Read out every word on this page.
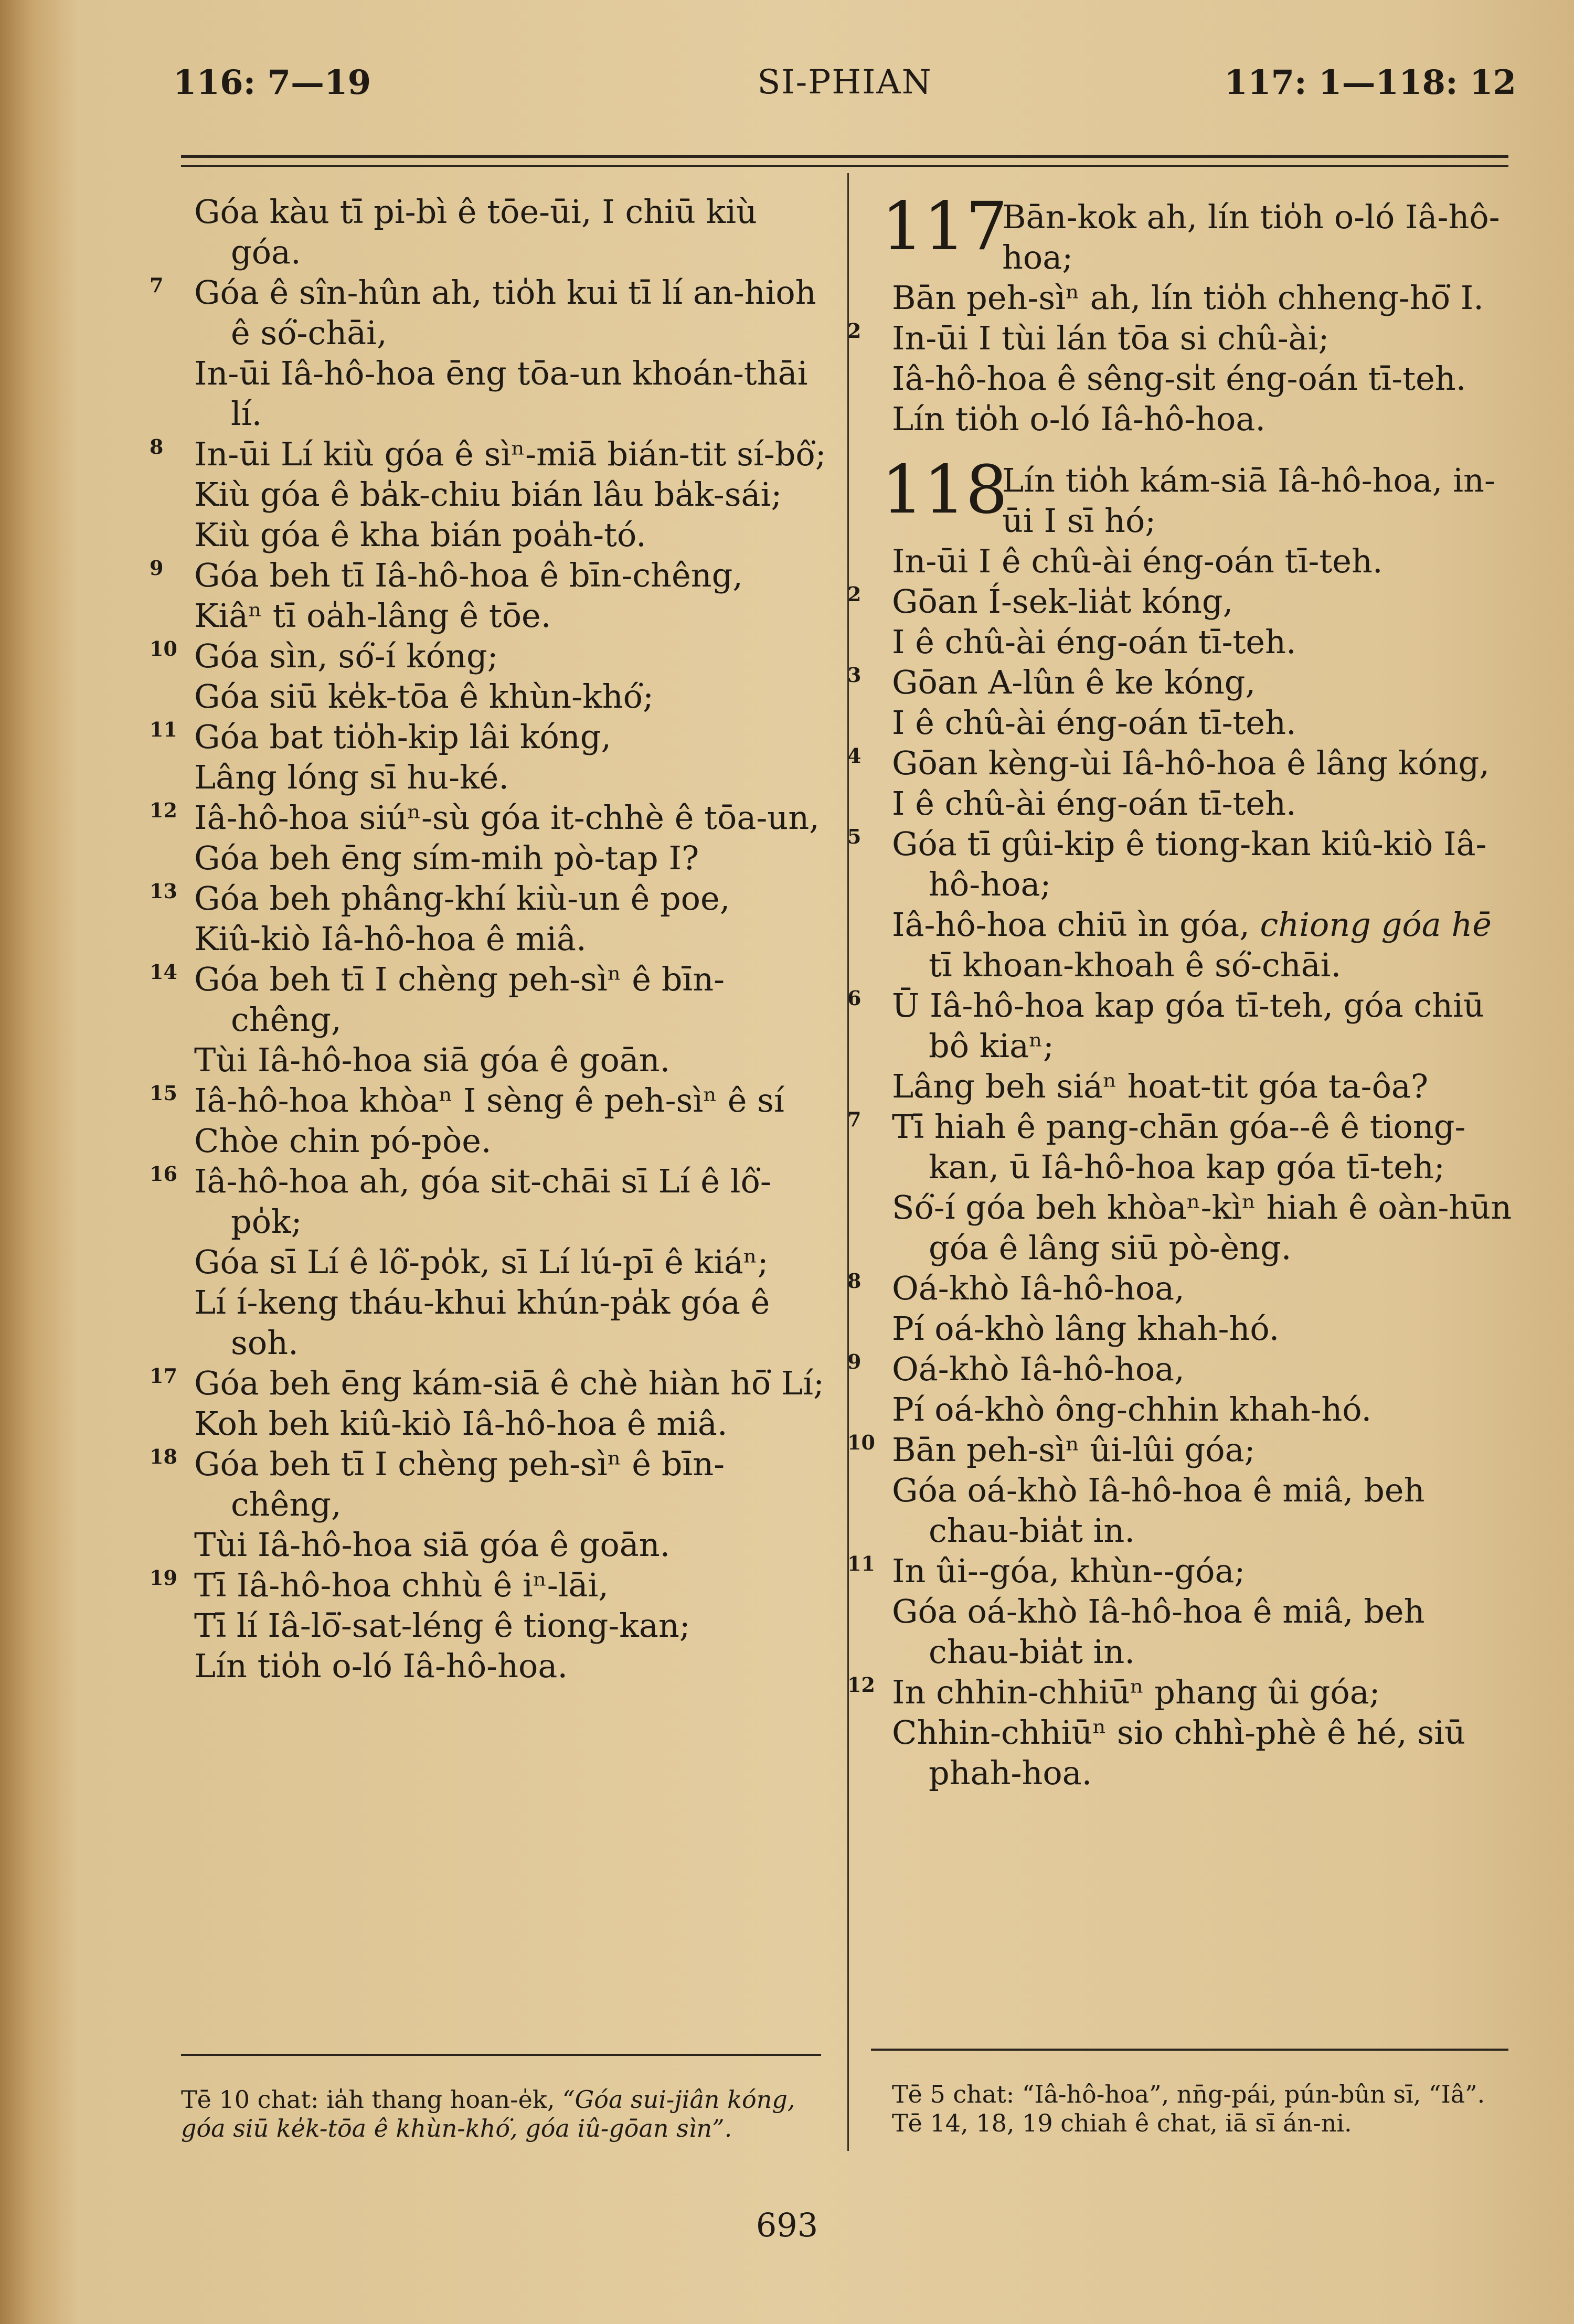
116: 7—19	SI-PHIAN	117: 1—118: 12
Góa kàu tī pi-bì ê tōe-ūi, I chiū kiù góa.
7 Góa ê sîn-hûn ah, tio̍h kui tī lí an-hioh ê só͘-chāi,
In-ūi Iâ-hô-hoa ēng tōa-un khoán-thāi lí.
8 In-ūi Lí kiù góa ê sìⁿ-miā bián-tit sí-bô͘;
Kiù góa ê ba̍k-chiu bián lâu ba̍k-sái;
Kiù góa ê kha bián poa̍h-tó.
9 Góa beh tī Iâ-hô-hoa ê bīn-chêng,
Kiâⁿ tī oa̍h-lâng ê tōe.
10 Góa sìn, só͘-í kóng;
Góa siū ke̍k-tōa ê khùn-khó͘;
11 Góa bat tio̍h-kip lâi kóng,
Lâng lóng sī hu-ké.
12 Iâ-hô-hoa siúⁿ-sù góa it-chhè ê tōa-un,
Góa beh ēng sím-mih pò-tap I?
13 Góa beh phâng-khí kiù-un ê poe,
Kiû-kiò Iâ-hô-hoa ê miâ.
14 Góa beh tī I chèng peh-sìⁿ ê bīn-chêng,
Tùi Iâ-hô-hoa siā góa ê goān.
15 Iâ-hô-hoa khòaⁿ I sèng ê peh-sìⁿ ê sí
Chòe chin pó-pòe.
16 Iâ-hô-hoa ah, góa sit-chāi sī Lí ê lô͘-po̍k;
Góa sī Lí ê lô͘-po̍k, sī Lí lú-pī ê kiáⁿ;
Lí í-keng tháu-khui khún-pa̍k góa ê soh.
17 Góa beh ēng kám-siā ê chè hiàn hō͘ Lí;
Koh beh kiû-kiò Iâ-hô-hoa ê miâ.
18 Góa beh tī I chèng peh-sìⁿ ê bīn-chêng,
Tùi Iâ-hô-hoa siā góa ê goān.
19 Tī Iâ-hô-hoa chhù ê iⁿ-lāi,
Tī lí Iâ-lō͘-sat-léng ê tiong-kan;
Lín tio̍h o-ló Iâ-hô-hoa.
117
Bān-kok ah, lín tio̍h o-ló Iâ-hô-hoa;
Bān peh-sìⁿ ah, lín tio̍h chheng-hō͘ I.
2 In-ūi I tùi lán tōa si chû-ài;
Iâ-hô-hoa ê sêng-si̍t éng-oán tī-teh.
Lín tio̍h o-ló Iâ-hô-hoa.
118
Lín tio̍h kám-siā Iâ-hô-hoa, in-ūi I sī hó;
In-ūi I ê chû-ài éng-oán tī-teh.
2 Gōan Í-sek-lia̍t kóng,
I ê chû-ài éng-oán tī-teh.
3 Gōan A-lûn ê ke kóng,
I ê chû-ài éng-oán tī-teh.
4 Gōan kèng-ùi Iâ-hô-hoa ê lâng kóng,
I ê chû-ài éng-oán tī-teh.
5 Góa tī gûi-kip ê tiong-kan kiû-kiò Iâ-hô-hoa;
Iâ-hô-hoa chiū ìn góa, chiong góa hē tī khoan-khoah ê só͘-chāi.
6 Ū Iâ-hô-hoa kap góa tī-teh, góa chiū bô kiaⁿ;
Lâng beh siáⁿ hoat-tit góa ta-ôa?
7 Tī hiah ê pang-chān góa--ê ê tiong-kan, ū Iâ-hô-hoa kap góa tī-teh;
Só͘-í góa beh khòaⁿ-kìⁿ hiah ê oàn-hūn góa ê lâng siū pò-èng.
8 Oá-khò Iâ-hô-hoa,
Pí oá-khò lâng khah-hó.
9 Oá-khò Iâ-hô-hoa,
Pí oá-khò ông-chhin khah-hó.
10 Bān peh-sìⁿ ûi-lûi góa;
Góa oá-khò Iâ-hô-hoa ê miâ, beh chau-bia̍t in.
11 In ûi--góa, khùn--góa;
Góa oá-khò Iâ-hô-hoa ê miâ, beh chau-bia̍t in.
12 In chhin-chhiūⁿ phang ûi góa;
Chhin-chhiūⁿ sio chhì-phè ê hé, siū phah-hoa.
Tē 10 chat: ia̍h thang hoan-e̍k, “Góa sui-jiân kóng, góa siū ke̍k-tōa ê khùn-khó͘, góa iû-gōan sìn”.
Tē 5 chat: “Iâ-hô-hoa”, nn̄g-pái, pún-bûn sī, “Iâ”. Tē 14, 18, 19 chiah ê chat, iā sī án-ni.
693
